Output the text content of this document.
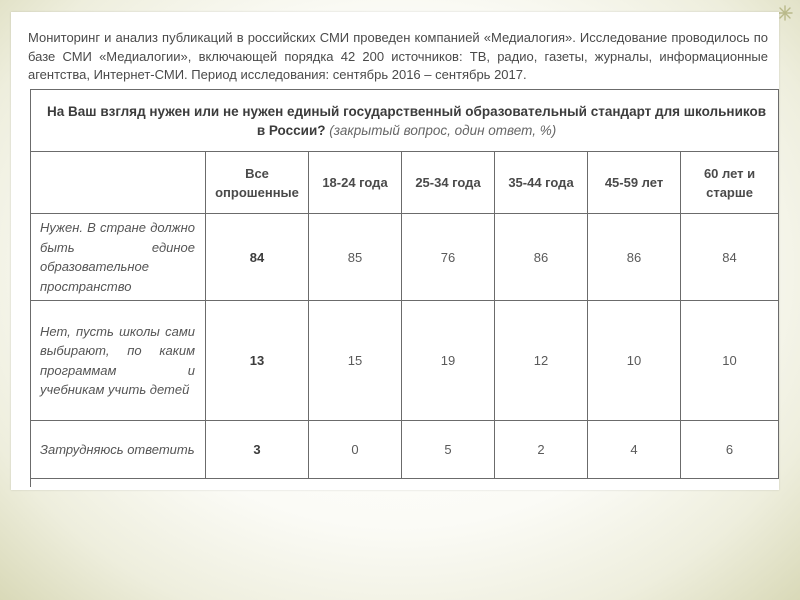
Мониторинг и анализ публикаций в российских СМИ проведен компанией «Медиалогия». Исследование проводилось по базе СМИ «Медиалогии», включающей порядка 42 200 источников: ТВ, радио, газеты, журналы, информационные агентства, Интернет-СМИ. Период исследования: сентябрь 2016 – сентябрь 2017.

На Ваш взгляд нужен или не нужен единый государственный образовательный стандарт для школьников в России? (закрытый вопрос, один ответ, %)						
	Все опрошенные	18-24 года	25-34 года	35-44 года	45-59 лет	60 лет и старше
Нужен. В стране должно быть единое образовательное пространство	84	85	76	86	86	84
Нет, пусть школы сами выбирают, по каким программам и учебникам учить детей	13	15	19	12	10	10
Затрудняюсь ответить	3	0	5	2	4	6
